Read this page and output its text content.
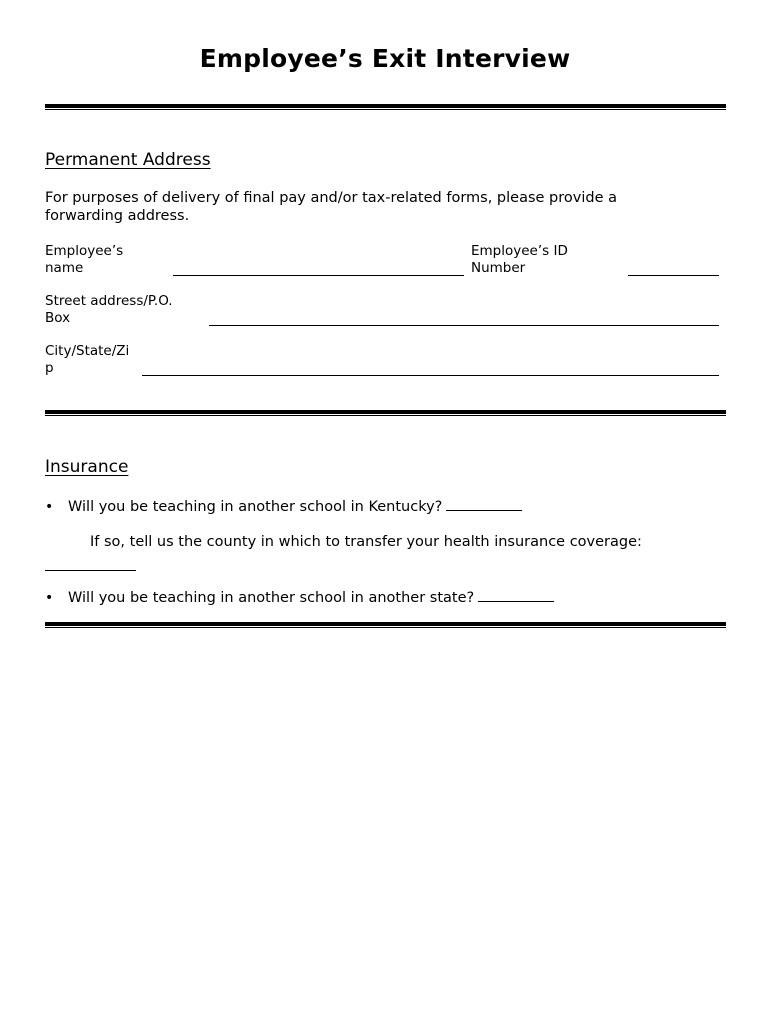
Employee’s Exit Interview
Permanent Address
For purposes of delivery of final pay and/or tax-related forms, please provide a forwarding address.
Employee’s
name
Employee’s ID
Number
Street address/P.O.
Box
City/State/Zi
p
Insurance
•	Will you be teaching in another school in Kentucky?
If so, tell us the county in which to transfer your health insurance coverage:
•	Will you be teaching in another school in another state?
